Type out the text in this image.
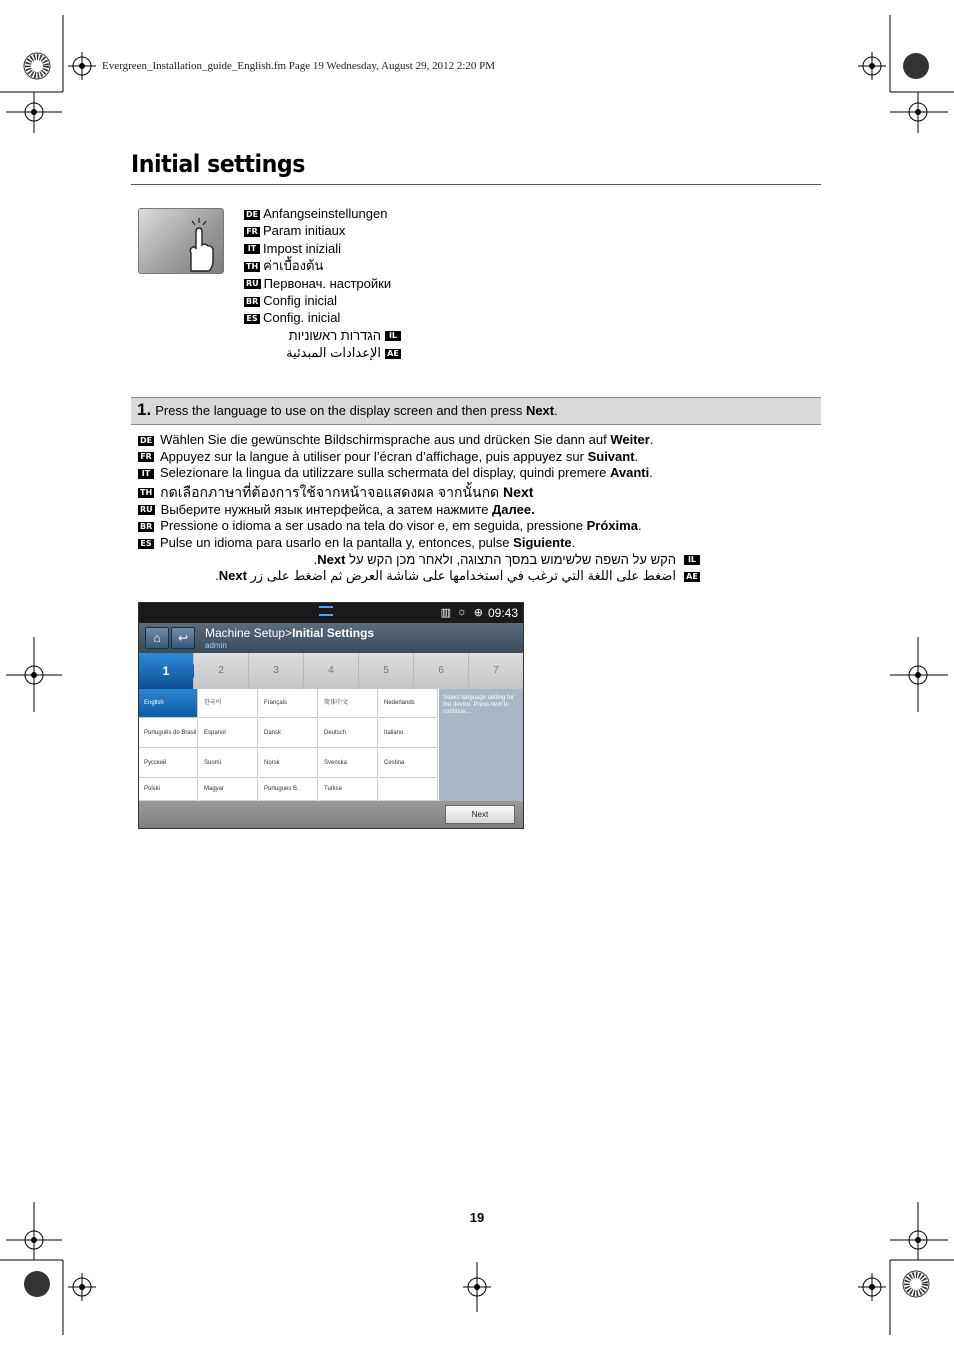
Evergreen_Installation_guide_English.fm Page 19 Wednesday, August 29, 2012 2:20 PM
Initial settings
DE Anfangseinstellungen
FR Param initiaux
IT Impost iniziali
TH ค่าเบื้องต้น
RU Первонач. настройки
BR Config inicial
ES Config. inicial
הגדרות ראשוניות IL
الإعدادات المبدئية AE
1. Press the language to use on the display screen and then press Next.
DE Wählen Sie die gewünschte Bildschirmsprache aus und drücken Sie dann auf Weiter.
FR Appuyez sur la langue à utiliser pour l’écran d’affichage, puis appuyez sur Suivant.
IT Selezionare la lingua da utilizzare sulla schermata del display, quindi premere Avanti.
TH กดเลือกภาษาที่ต้องการใช้จากหน้าจอแสดงผล จากนั้นกด Next
RU Выберите нужный язык интерфейса, а затем нажмите Далее.
BR Pressione o idioma a ser usado na tela do visor e, em seguida, pressione Próxima.
ES Pulse un idioma para usarlo en la pantalla y, entonces, pulse Siguiente.
הקש על השפה שלשימוש במסך התצוגה, ולאחר מכן הקש על Next.	IL
اضغط على اللغة التي ترغب في استخدامها على شاشة العرض ثم اضغط على زر Next.	AE
▥ ☼ ⊕ 09:43
⌂	↩	Machine Setup>Initial Settings
admin
1	2	3	4	5	6	7
English	한국어	Français	简体中文	Nederlands
Português do Brasil	Espanol	Dansk	Deutsch	Italiano
Русский	Suomi	Norsk	Svenska	Cestina
Polski	Magyar	Portugues B.	Turkce
Select language setting for the device. Press next to continue...
Next
19
